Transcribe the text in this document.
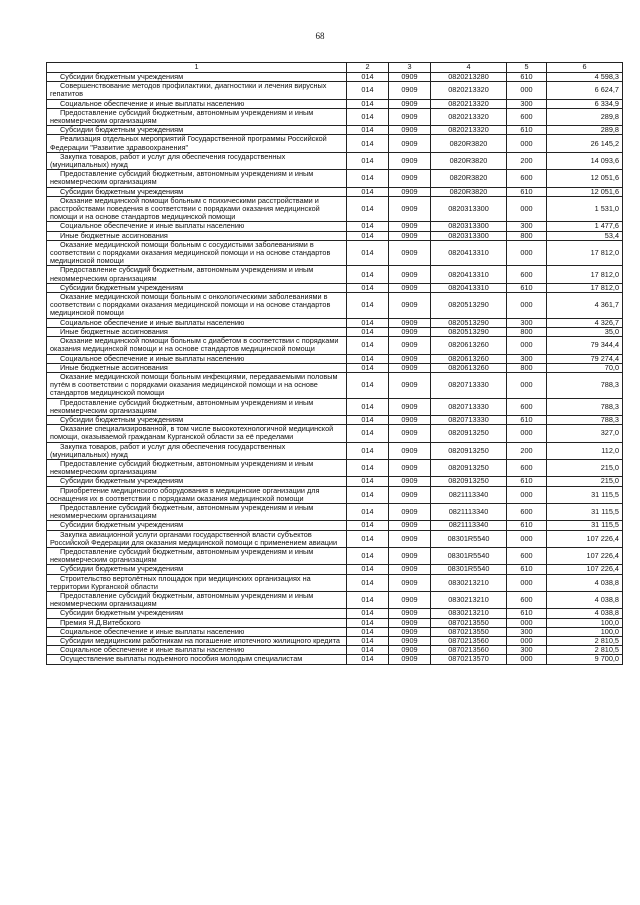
68
1	2	3	4	5	6
Субсидии бюджетным учреждениям	014	0909	0820213280	610	4 598,3
Совершенствование методов профилактики, диагностики и лечения вирусных гепатитов	014	0909	0820213320	000	6 624,7
Социальное обеспечение и иные выплаты населению	014	0909	0820213320	300	6 334,9
Предоставление субсидий бюджетным, автономным учреждениям и иным некоммерческим организациям	014	0909	0820213320	600	289,8
Субсидии бюджетным учреждениям	014	0909	0820213320	610	289,8
Реализация отдельных мероприятий Государственной программы Российской Федерации "Развитие здравоохранения"	014	0909	0820R3820	000	26 145,2
Закупка товаров, работ и услуг для обеспечения государственных (муниципальных) нужд	014	0909	0820R3820	200	14 093,6
Предоставление субсидий бюджетным, автономным учреждениям и иным некоммерческим организациям	014	0909	0820R3820	600	12 051,6
Субсидии бюджетным учреждениям	014	0909	0820R3820	610	12 051,6
Оказание медицинской помощи больным с психическими расстройствами и расстройствами поведения в соответствии с порядками оказания медицинской помощи и на основе стандартов медицинской помощи	014	0909	0820313300	000	1 531,0
Социальное обеспечение и иные выплаты населению	014	0909	0820313300	300	1 477,6
Иные бюджетные ассигнования	014	0909	0820313300	800	53,4
Оказание медицинской помощи больным с сосудистыми заболеваниями в соответствии с порядками оказания медицинской помощи и на основе стандартов медицинской помощи	014	0909	0820413310	000	17 812,0
Предоставление субсидий бюджетным, автономным учреждениям и иным некоммерческим организациям	014	0909	0820413310	600	17 812,0
Субсидии бюджетным учреждениям	014	0909	0820413310	610	17 812,0
Оказание медицинской помощи больным с онкологическими заболеваниями в соответствии с порядками оказания медицинской помощи и на основе стандартов медицинской помощи	014	0909	0820513290	000	4 361,7
Социальное обеспечение и иные выплаты населению	014	0909	0820513290	300	4 326,7
Иные бюджетные ассигнования	014	0909	0820513290	800	35,0
Оказание медицинской помощи больным с диабетом в соответствии с порядками оказания медицинской помощи и на основе стандартов медицинской помощи	014	0909	0820613260	000	79 344,4
Социальное обеспечение и иные выплаты населению	014	0909	0820613260	300	79 274,4
Иные бюджетные ассигнования	014	0909	0820613260	800	70,0
Оказание медицинской помощи больным инфекциями, передаваемыми половым путём в соответствии с порядками оказания медицинской помощи и на основе стандартов медицинской помощи	014	0909	0820713330	000	788,3
Предоставление субсидий бюджетным, автономным учреждениям и иным некоммерческим организациям	014	0909	0820713330	600	788,3
Субсидии бюджетным учреждениям	014	0909	0820713330	610	788,3
Оказание специализированной, в том числе высокотехнологичной медицинской помощи, оказываемой гражданам Курганской области за её пределами	014	0909	0820913250	000	327,0
Закупка товаров, работ и услуг для обеспечения государственных (муниципальных) нужд	014	0909	0820913250	200	112,0
Предоставление субсидий бюджетным, автономным учреждениям и иным некоммерческим организациям	014	0909	0820913250	600	215,0
Субсидии бюджетным учреждениям	014	0909	0820913250	610	215,0
Приобретение медицинского оборудования в медицинские организации для оснащения их в соответствии с порядками оказания медицинской помощи	014	0909	0821113340	000	31 115,5
Предоставление субсидий бюджетным, автономным учреждениям и иным некоммерческим организациям	014	0909	0821113340	600	31 115,5
Субсидии бюджетным учреждениям	014	0909	0821113340	610	31 115,5
Закупка авиационной услуги органами государственной власти субъектов Российской Федерации для оказания медицинской помощи с применением авиации	014	0909	08301R5540	000	107 226,4
Предоставление субсидий бюджетным, автономным учреждениям и иным некоммерческим организациям	014	0909	08301R5540	600	107 226,4
Субсидии бюджетным учреждениям	014	0909	08301R5540	610	107 226,4
Строительство вертолётных площадок при медицинских организациях на территории Курганской области	014	0909	0830213210	000	4 038,8
Предоставление субсидий бюджетным, автономным учреждениям и иным некоммерческим организациям	014	0909	0830213210	600	4 038,8
Субсидии бюджетным учреждениям	014	0909	0830213210	610	4 038,8
Премия Я.Д.Витебского	014	0909	0870213550	000	100,0
Социальное обеспечение и иные выплаты населению	014	0909	0870213550	300	100,0
Субсидии медицинским работникам на погашение ипотечного жилищного кредита	014	0909	0870213560	000	2 810,5
Социальное обеспечение и иные выплаты населению	014	0909	0870213560	300	2 810,5
Осуществление выплаты подъемного пособия молодым специалистам	014	0909	0870213570	000	9 700,0
